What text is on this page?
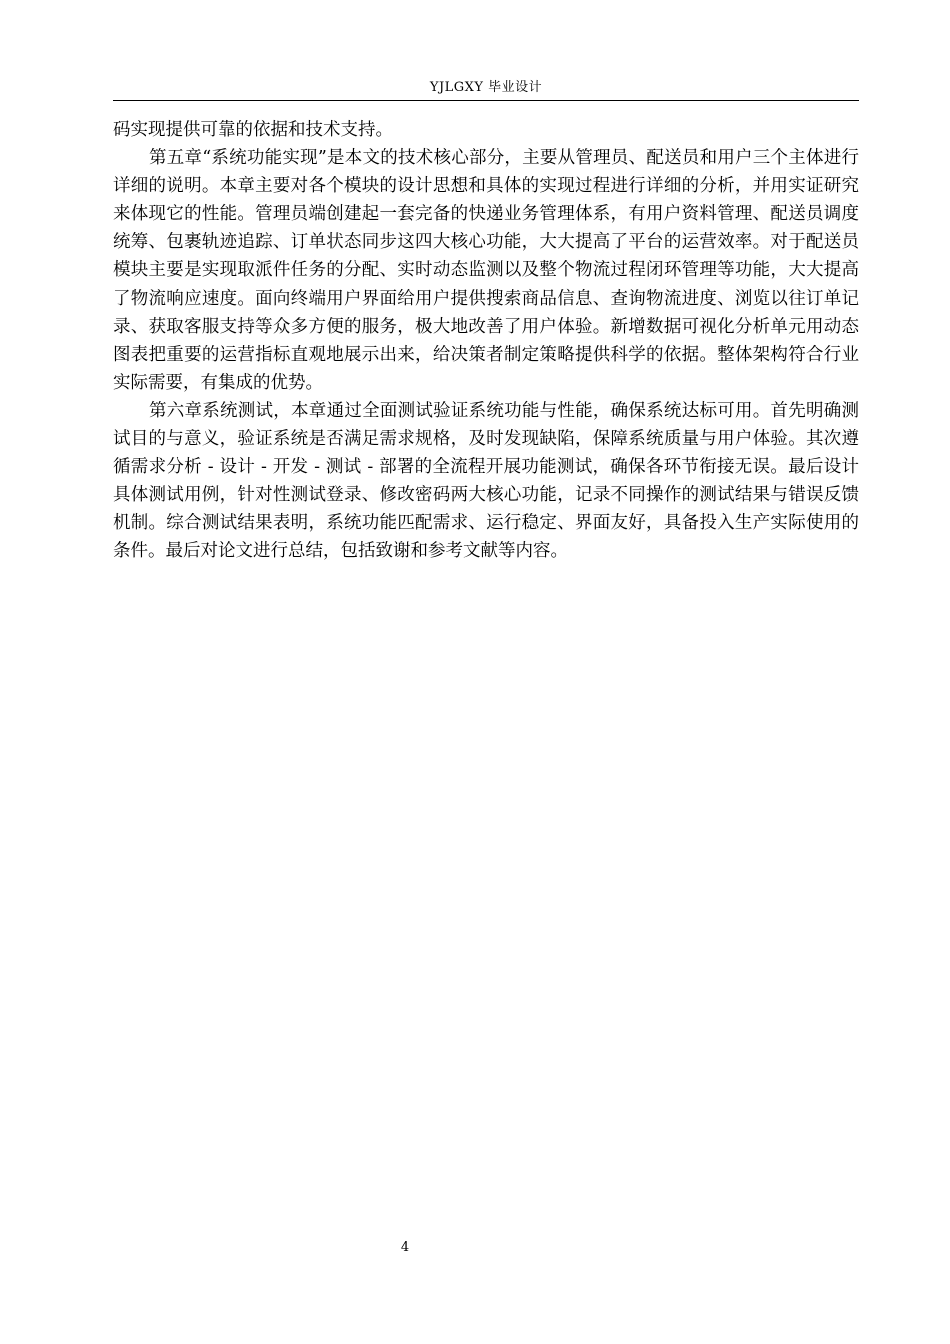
YJLGXY 毕业设计

码实现提供可靠的依据和技术支持。

第五章“系统功能实现”是本文的技术核心部分，主要从管理员、配送员和用户三个主体进行详细的说明。本章主要对各个模块的设计思想和具体的实现过程进行详细的分析，并用实证研究来体现它的性能。管理员端创建起一套完备的快递业务管理体系，有用户资料管理、配送员调度统筹、包裹轨迹追踪、订单状态同步这四大核心功能，大大提高了平台的运营效率。对于配送员模块主要是实现取派件任务的分配、实时动态监测以及整个物流过程闭环管理等功能，大大提高了物流响应速度。面向终端用户界面给用户提供搜索商品信息、查询物流进度、浏览以往订单记录、获取客服支持等众多方便的服务，极大地改善了用户体验。新增数据可视化分析单元用动态图表把重要的运营指标直观地展示出来，给决策者制定策略提供科学的依据。整体架构符合行业实际需要，有集成的优势。

第六章系统测试，本章通过全面测试验证系统功能与性能，确保系统达标可用。首先明确测试目的与意义，验证系统是否满足需求规格，及时发现缺陷，保障系统质量与用户体验。其次遵循需求分析 - 设计 - 开发 - 测试 - 部署的全流程开展功能测试，确保各环节衔接无误。最后设计具体测试用例，针对性测试登录、修改密码两大核心功能，记录不同操作的测试结果与错误反馈机制。综合测试结果表明，系统功能匹配需求、运行稳定、界面友好，具备投入生产实际使用的条件。最后对论文进行总结，包括致谢和参考文献等内容。

4
